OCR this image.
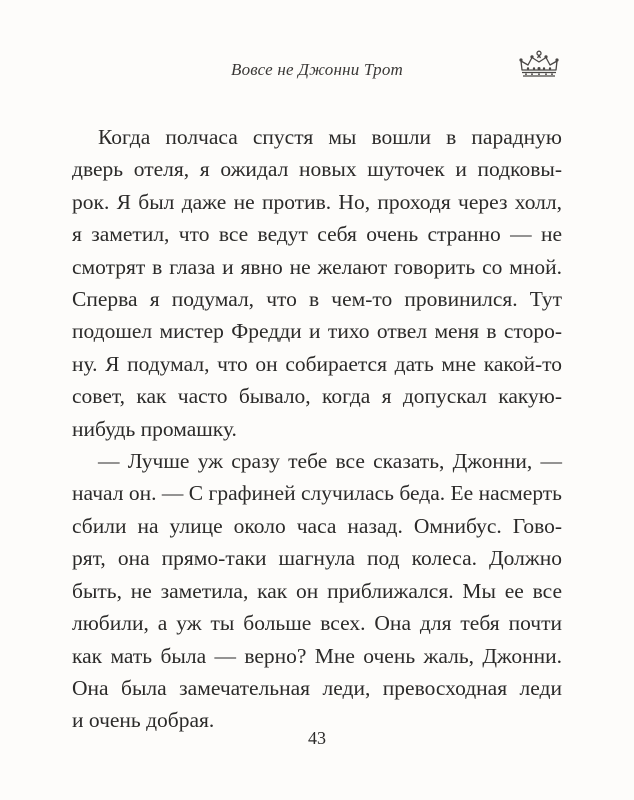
Вовсе не Джонни Трот
Когда полчаса спустя мы вошли в парадную
дверь отеля, я ожидал новых шуточек и подковы-
рок. Я был даже не против. Но, проходя через холл,
я заметил, что все ведут себя очень странно — не
смотрят в глаза и явно не желают говорить со мной.
Сперва я подумал, что в чем-то провинился. Тут
подошел мистер Фредди и тихо отвел меня в сторо-
ну. Я подумал, что он собирается дать мне какой-то
совет, как часто бывало, когда я допускал какую-
нибудь промашку.
— Лучше уж сразу тебе все сказать, Джонни, —
начал он. — С графиней случилась беда. Ее насмерть
сбили на улице около часа назад. Омнибус. Гово-
рят, она прямо-таки шагнула под колеса. Должно
быть, не заметила, как он приближался. Мы ее все
любили, а уж ты больше всех. Она для тебя почти
как мать была — верно? Мне очень жаль, Джонни.
Она была замечательная леди, превосходная леди
и очень добрая.
43
